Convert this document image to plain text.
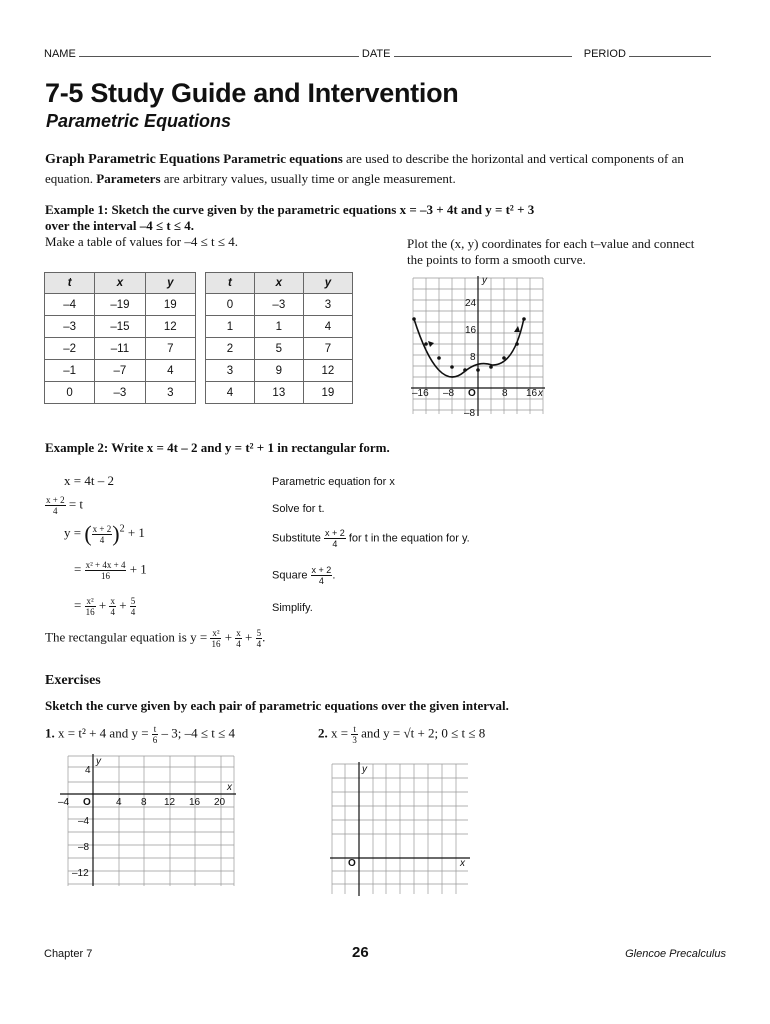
NAME	DATE	PERIOD
7-5 Study Guide and Intervention
Parametric Equations
Graph Parametric Equations Parametric equations are used to describe the horizontal and vertical components of an equation. Parameters are arbitrary values, usually time or angle measurement.
Example 1: Sketch the curve given by the parametric equations x = –3 + 4t and y = t² + 3
over the interval –4 ≤ t ≤ 4.
Make a table of values for –4 ≤ t ≤ 4.	Plot the (x, y) coordinates for each t–value and connect the points to form a smooth curve.
t	x	y
–4	–19	19
–3	–15	12
–2	–11	7
–1	–7	4
0	–3	3
t	x	y
0	–3	3
1	1	4
2	5	7
3	9	12
4	13	19
y
24
16
8
–8
–16 –8 O	8 16 x
Example 2: Write x = 4t – 2 and y = t² + 1 in rectangular form.
x = 4t – 2	Parametric equation for x
$\frac{x + 2}{4} = t$	Solve for t.
y = ( $\frac{x + 2}{4} )^2 + 1$	Substitute $\frac{x + 2}{4}$ for t in the equation for y.
= $\frac{\text{x² + 4x + 4}}{16} + 1$	Square $\frac{x + 2}{4}$ .
= $\frac{\text{x²}}{16} + \frac{x}{4} + \frac{5}{4}$	Simplify.
The rectangular equation is $y = \frac{\text{x²}}{16} + \frac{x}{4} + \frac{5}{4}$ .
Exercises
Sketch the curve given by each pair of parametric equations over the given interval.
1. x = t² + 4 and $y = \frac{t}{6} - 3$; –4 ≤ t ≤ 4	2. $x = \frac{t}{3}$ and y = √t + 2; 0 ≤ t ≤ 8
y
x
4
–4
–8
–12
–4 O	4 8 12 16 20
y
x
O
Chapter 7	26	Glencoe Precalculus
